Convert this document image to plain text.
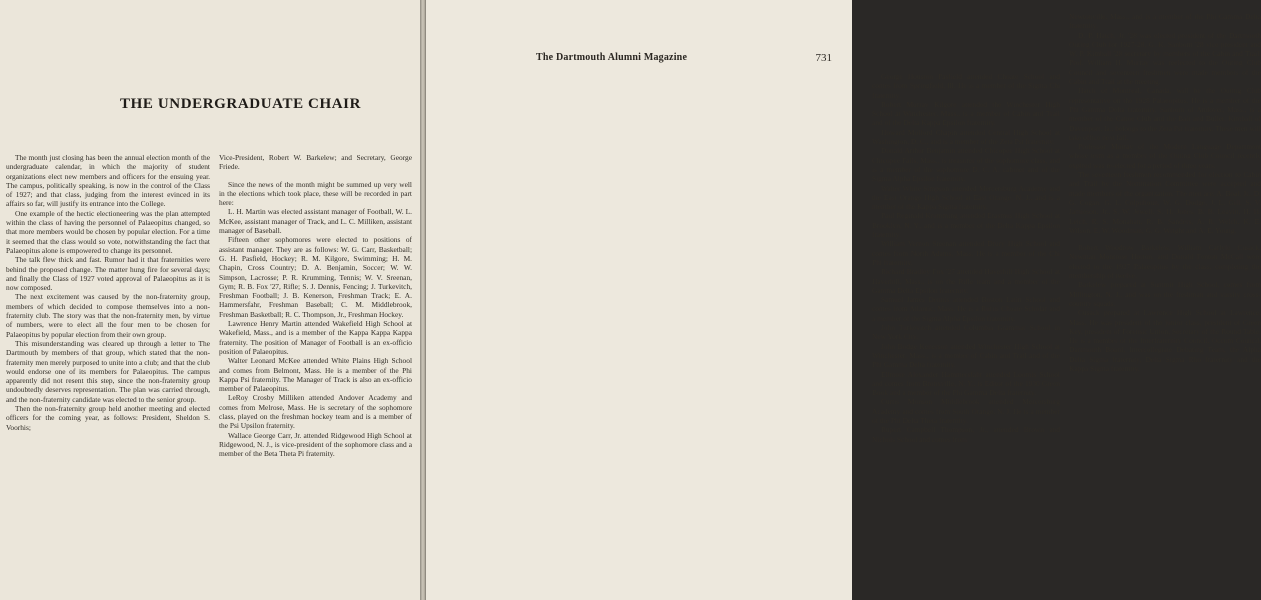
THE UNDERGRADUATE CHAIR

The month just closing has been the annual election month of the undergraduate calendar, in which the majority of student organizations elect new members and officers for the ensuing year. The campus, politically speaking, is now in the control of the Class of 1927; and that class, judging from the interest evinced in its affairs so far, will justify its entrance into the College.

One example of the hectic electioneering was the plan attempted within the class of having the personnel of Palaeopitus changed, so that more members would be chosen by popular election. For a time it seemed that the class would so vote, notwithstanding the fact that Palaeopitus alone is empowered to change its personnel.

The talk flew thick and fast. Rumor had it that fraternities were behind the proposed change. The matter hung fire for several days; and finally the Class of 1927 voted approval of Palaeopitus as it is now composed.

The next excitement was caused by the non-fraternity group, members of which decided to compose themselves into a non-fraternity club. The story was that the non-fraternity men, by virtue of numbers, were to elect all the four men to be chosen for Palaeopitus by popular election from their own group.

This misunderstanding was cleared up through a letter to The Dartmouth by members of that group, which stated that the non-fraternity men merely purposed to unite into a club; and that the club would endorse one of its members for Palaeopitus. The campus apparently did not resent this step, since the non-fraternity group undoubtedly deserves representation. The plan was carried through, and the non-fraternity candidate was elected to the senior group.

Then the non-fraternity group held another meeting and elected officers for the coming year, as follows: President, Sheldon S. Voorhis;

Vice-President, Robert W. Barkelew; and Secretary, George Friede.

Since the news of the month might be summed up very well in the elections which took place, these will be recorded in part here:

L. H. Martin was elected assistant manager of Football, W. L. McKee, assistant manager of Track, and L. C. Milliken, assistant manager of Baseball.

Fifteen other sophomores were elected to positions of assistant manager. They are as follows: W. G. Carr, Basketball; G. H. Pasfield, Hockey; R. M. Kilgore, Swimming; H. M. Chapin, Cross Country; D. A. Benjamin, Soccer; W. W. Simpson, Lacrosse; P. R. Krumming, Tennis; W. V. Sreenan, Gym; R. B. Fox '27, Rifle; S. J. Dennis, Fencing; J. Turkevitch, Freshman Football; J. B. Kenerson, Freshman Track; E. A. Hammersfahr, Freshman Baseball; C. M. Middlebrook, Freshman Basketball; R. C. Thompson, Jr., Freshman Hockey.

Lawrence Henry Martin attended Wakefield High School at Wakefield, Mass., and is a member of the Kappa Kappa Kappa fraternity. The position of Manager of Football is an ex-officio position of Palaeopitus.

Walter Leonard McKee attended White Plains High School and comes from Belmont, Mass. He is a member of the Phi Kappa Psi fraternity. The Manager of Track is also an ex-officio member of Palaeopitus.

LeRoy Crosby Milliken attended Andover Academy and comes from Melrose, Mass. He is secretary of the sophomore class, played on the freshman hockey team and is a member of the Psi Upsilon fraternity.

Wallace George Carr, Jr. attended Ridgewood High School at Ridgewood, N. J., is vice-president of the sophomore class and a member of the Beta Theta Pi fraternity.

The Dartmouth Alumni Magazine	731

George Houston Pasfield attended Choate School and comes from Springfield, Ill. He is a member of the Sigma Chi fraternity.

Robert Murray Kilgore attended the Winchester High School at Winchester, Mass., is a member of Cabin and Trail and of the Delta Kappa Epsilon fraternity.

Howard Mulford Chapin attended Central High School at Washington, D. C., and is a member of the Zeta Psi fraternity.

Donald Arthur Benjamin attended Chicopee High School at Chicopee Falls, Mass., is treasurer of the sophomore class, and is a member of the sophomore D. C. A. cabinet and of the Sigma Alpha Epsilon fraternity.

Walter White Simpson attended Mercersburg Academy and the East Orange High School at East Orange, N. J., and is a member of the Kappa Sigma fraternity.

Paul Reginald Krumming attended Erasmus High School at Brooklyn, N. Y., and is a member of the Delta Kappa Epsilon fraternity.

William Vernon Sreenan attended Drury High School and comes from North Adams, Mass. He is a member of the Chi Phi fraternity.

Richard Bradley Fox '27 attended Haverhill High School at Haverhill, Mass., is on the Rifle team and a member of the Gamma Delta Epsilon fraternity.

Samuel James Dennis attended Boston Latin School and comes from Atlantic, Mass. He is a Rufus Choate Scholar and a member of the Sigma Alpha Epsilon fraternity.

John Turkevitch attended Columbia Grammar School in New York City.

John Bodge Kenerson attended Winchester High School at Winchester, Mass., is a member of Cabin and Trail and of the Phi Gamma Delta fraternity.

Ellmore Alexander Hammersfahr attended Loomis School and comes from Bronxville, N. Y., is Editor of the 1930 Green Book and a member of the Phi Gamma Delta fraternity.

Curtis Monson Middlebrook attended Mercersburg Academy and comes from South Orange, N. J. He is a member of the Phi Delta Theta fraternity.

Rupert Campbell Thompson, Jr., attended Brown and Nichols School and comes from

Newtonville, Mass., and is a member of the Phi Gamma Delta fraternity.

D. P. Hatch, Jr. '28 was elected president of the Dartmouth Outing Club for 1927-28, G. K. Sanborn '28 vice president and W. P. Kimball '28 secretary by members of the Cabin and Trail. Prof. William H. Murray was reelected to the Outing Club Council and seventeen freshmen were made members of the Cabin and Trail at the meeting.

Hatch of Montreal, Canada, will be the Outing Club representative on the 1928 Palaeopitus. He is a member of the Phi Gamma Delta fraternity. Sanborn of Andover, Mass., is a member of the Canoe Club and the Bait and Bullet. Kimball of Davenport, Ia., belongs to the Zeta Psi fraternity. These men will take office next fall.

Professor Murray of the Modern Language Department whose term as a member of the Outing Club Council recently expired was re-elected for a period of three years.

The seventeen freshmen recommended for election to Cabin and Trail by the Nomination Committee were accepted and made members of the organization. The men are: A. Boal, Jr., D. G. Cogan, G. L. Colpuhoun, W. G. Dodge, J. L. Gill, S. V. Jamieson, Jr., S. W. Jewell, S. H. Jones, B. B. Leavitt, H. H. Leich, R. S. Monahan, R. B. Sanders, A. R. Welch, K. E. Wilson, E. W. Woodman, G. G. Wright and A. E. Young.

Robert Woodrow Barkelew, William Carlyle Cusack, Newman Montrose Horton, and Donald Fenton McCall were elected to the 1927 Palaeopitus by the class, completing the membership of twelve.

Barkelew prepared at Summit High School, comes from Millington, N. J., and was on the freshman and varsity cross-country squads.

Cusack prepared at Lawrence High School at Lawrence, Mass. He was president of the junior class, president of Green Key, president of Forensic Union, Secretary of the Round Table. He is a member of the Interfraternity Council, Occum Council, Dartmouth Board, Intercollegiate Debating Team, the Alpha Delta Sigma fraternity, Delta Sigma Rho fraternity and the Kappa Sigma fraternity.
